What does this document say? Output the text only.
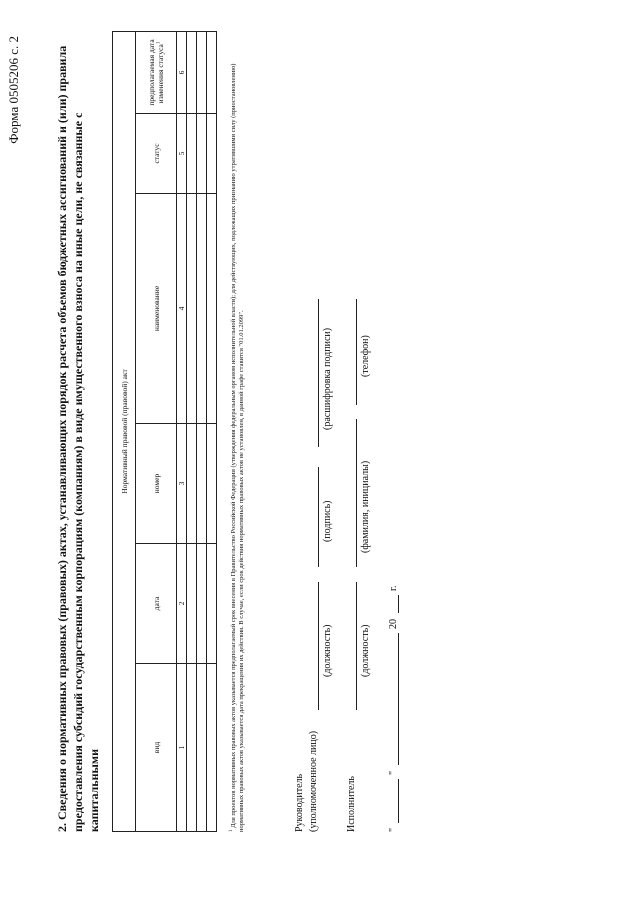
Форма 0505206 с. 2	2. Сведения о нормативных правовых (правовых) актах, устанавливающих порядок расчета объемов бюджетных ассигнований и (или) правила предоставления субсидий государственным корпорациям (компаниям) в виде имущественного взноса на иные цели, не связанные с капитальными
Нормативный правовой (правовой) акт					
вид	дата	номер	наименование	статус	предполагаемая дата изменения статуса$^1$
1	2	3	4	5	6

$^1$ Для проектов нормативных правовых актов указывается предполагаемый срок внесения в Правительство Российской Федерации (утверждения федеральным органом исполнительной власти); для действующих, подлежащих признанию утратившими силу (приостановлению) нормативных правовых актов указывается дата прекращения их действия. В случае, если срок действия нормативных правовых актов не установлен, в данной графе ставится "01.01.2099".	Руководитель (уполномоченное лицо)
(должность)
(подпись)
(расшифровка подписи)
Исполнитель
(должность)
(фамилия, инициалы)
(телефон)
"
"
20
г.
